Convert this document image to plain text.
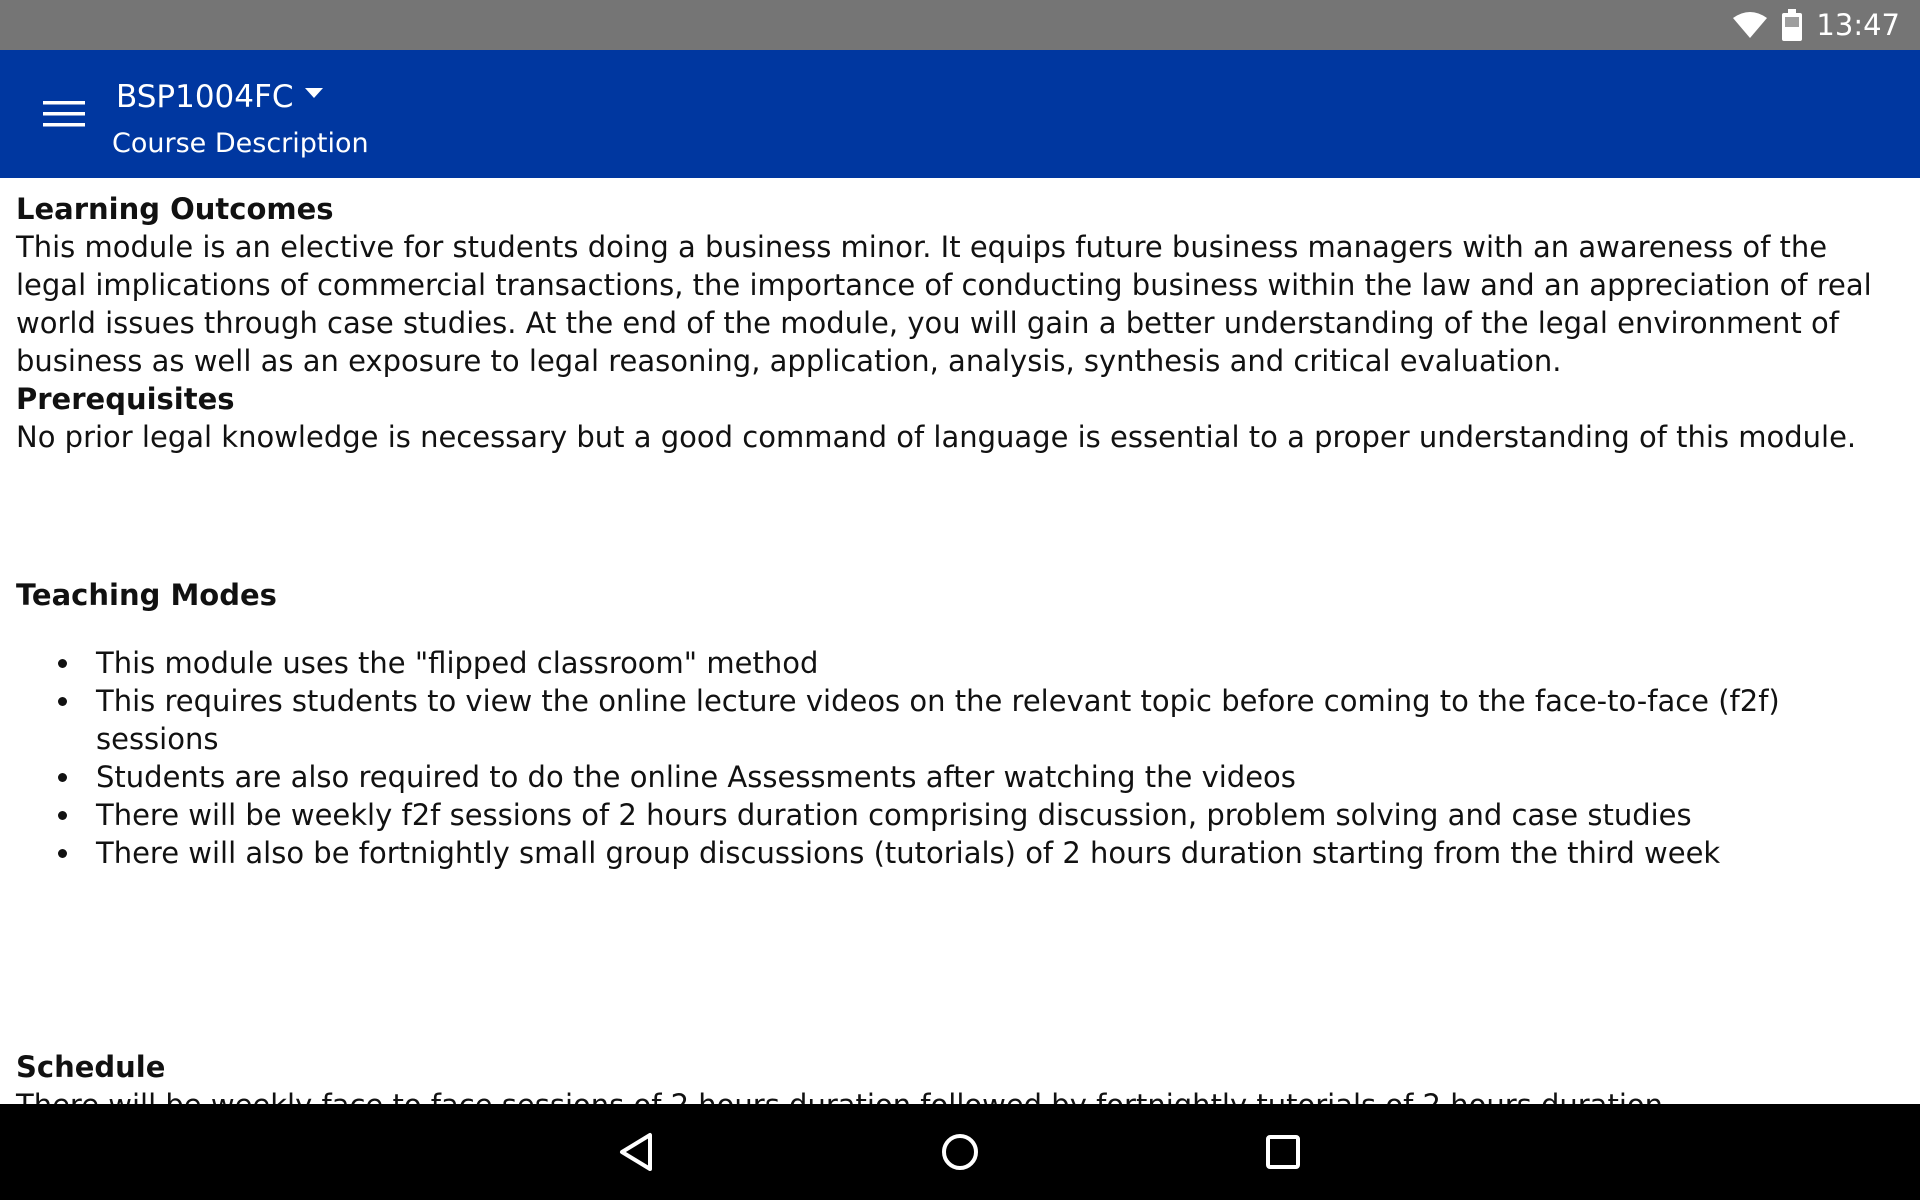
13:47
BSP1004FC
Course Description
Learning Outcomes

This module is an elective for students doing a business minor. It equips future business managers with an awareness of the legal implications of commercial transactions, the importance of conducting business within the law and an appreciation of real world issues through case studies. At the end of the module, you will gain a better understanding of the legal environment of business as well as an exposure to legal reasoning, application, analysis, synthesis and critical evaluation.

Prerequisites

No prior legal knowledge is necessary but a good command of language is essential to a proper understanding of this module.

Teaching Modes
This module uses the "flipped classroom" method
This requires students to view the online lecture videos on the relevant topic before coming to the face-to-face (f2f) sessions
Students are also required to do the online Assessments after watching the videos
There will be weekly f2f sessions of 2 hours duration comprising discussion, problem solving and case studies
There will also be fortnightly small group discussions (tutorials) of 2 hours duration starting from the third week
Schedule
